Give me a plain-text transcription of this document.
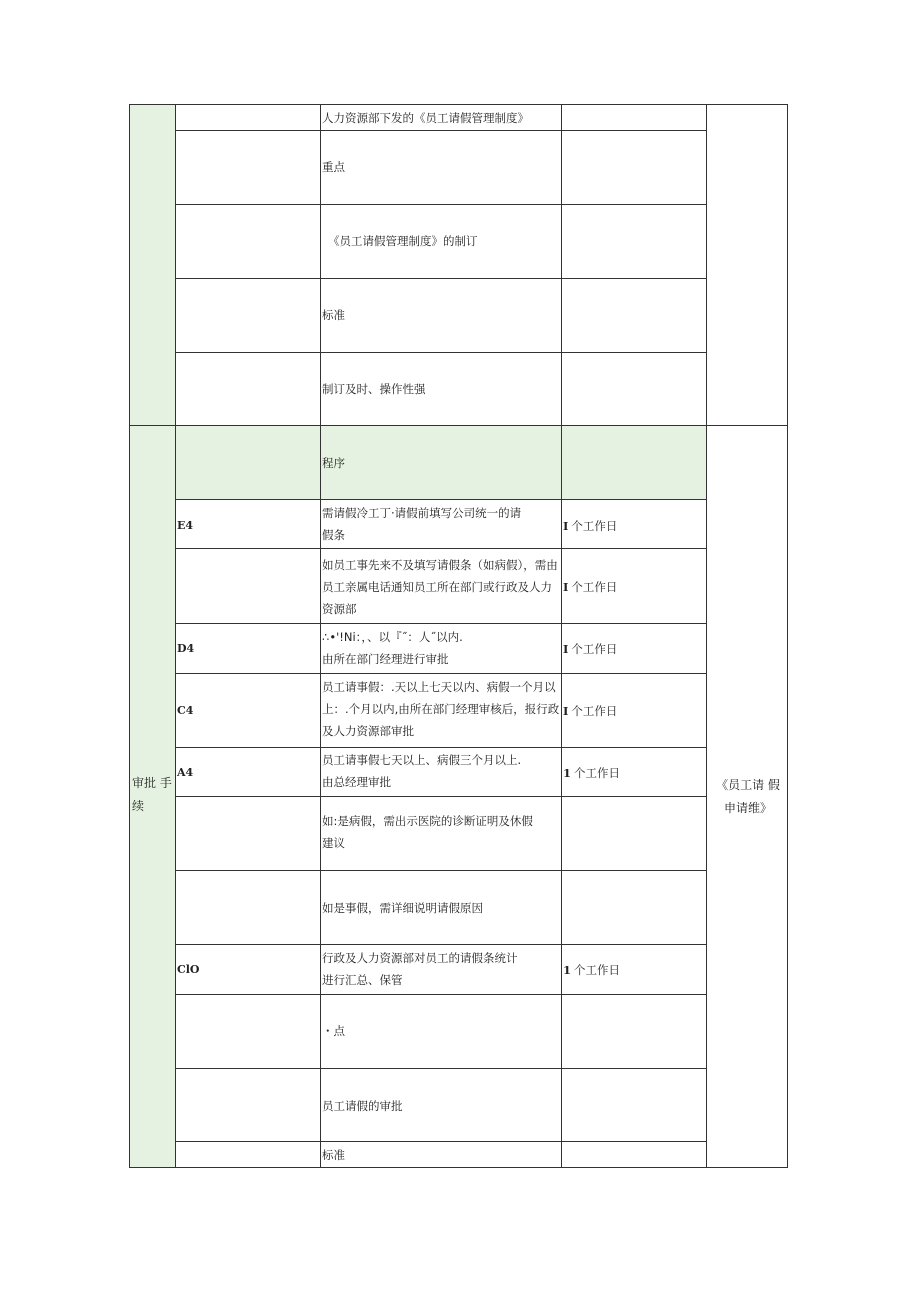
人力资源部下发的《员工请假管理制度》
重点
《员工请假管理制度》的制订
标准
制订及时、操作性强
程序
审批 手续
《员工请 假申请维》
E4
需请假冷工丁·请假前填写公司统一的请
假条
I 个工作日
如员工事先来不及填写请假条（如病假），需由
员工亲属电话通知员工所在部门或行政及人力
资源部
I 个工作日
D4
∴•'!Ni：，、以『˝：人˝以内.
由所在部门经理进行审批
I 个工作日
C4
员工请事假：.天以上七天以内、病假一个月以
上：.个月以内,由所在部门经理审核后，报行政
及人力资源部审批
I 个工作日
A4
员工请事假七天以上、病假三个月以上.
由总经理审批
1 个工作日
如:是病假，需出示医院的诊断证明及休假
建议
如是事假，需详细说明请假原因
ClO
行政及人力资源部对员工的请假条统计
进行汇总、保管
1 个工作日
・点
员工请假的审批
标准
